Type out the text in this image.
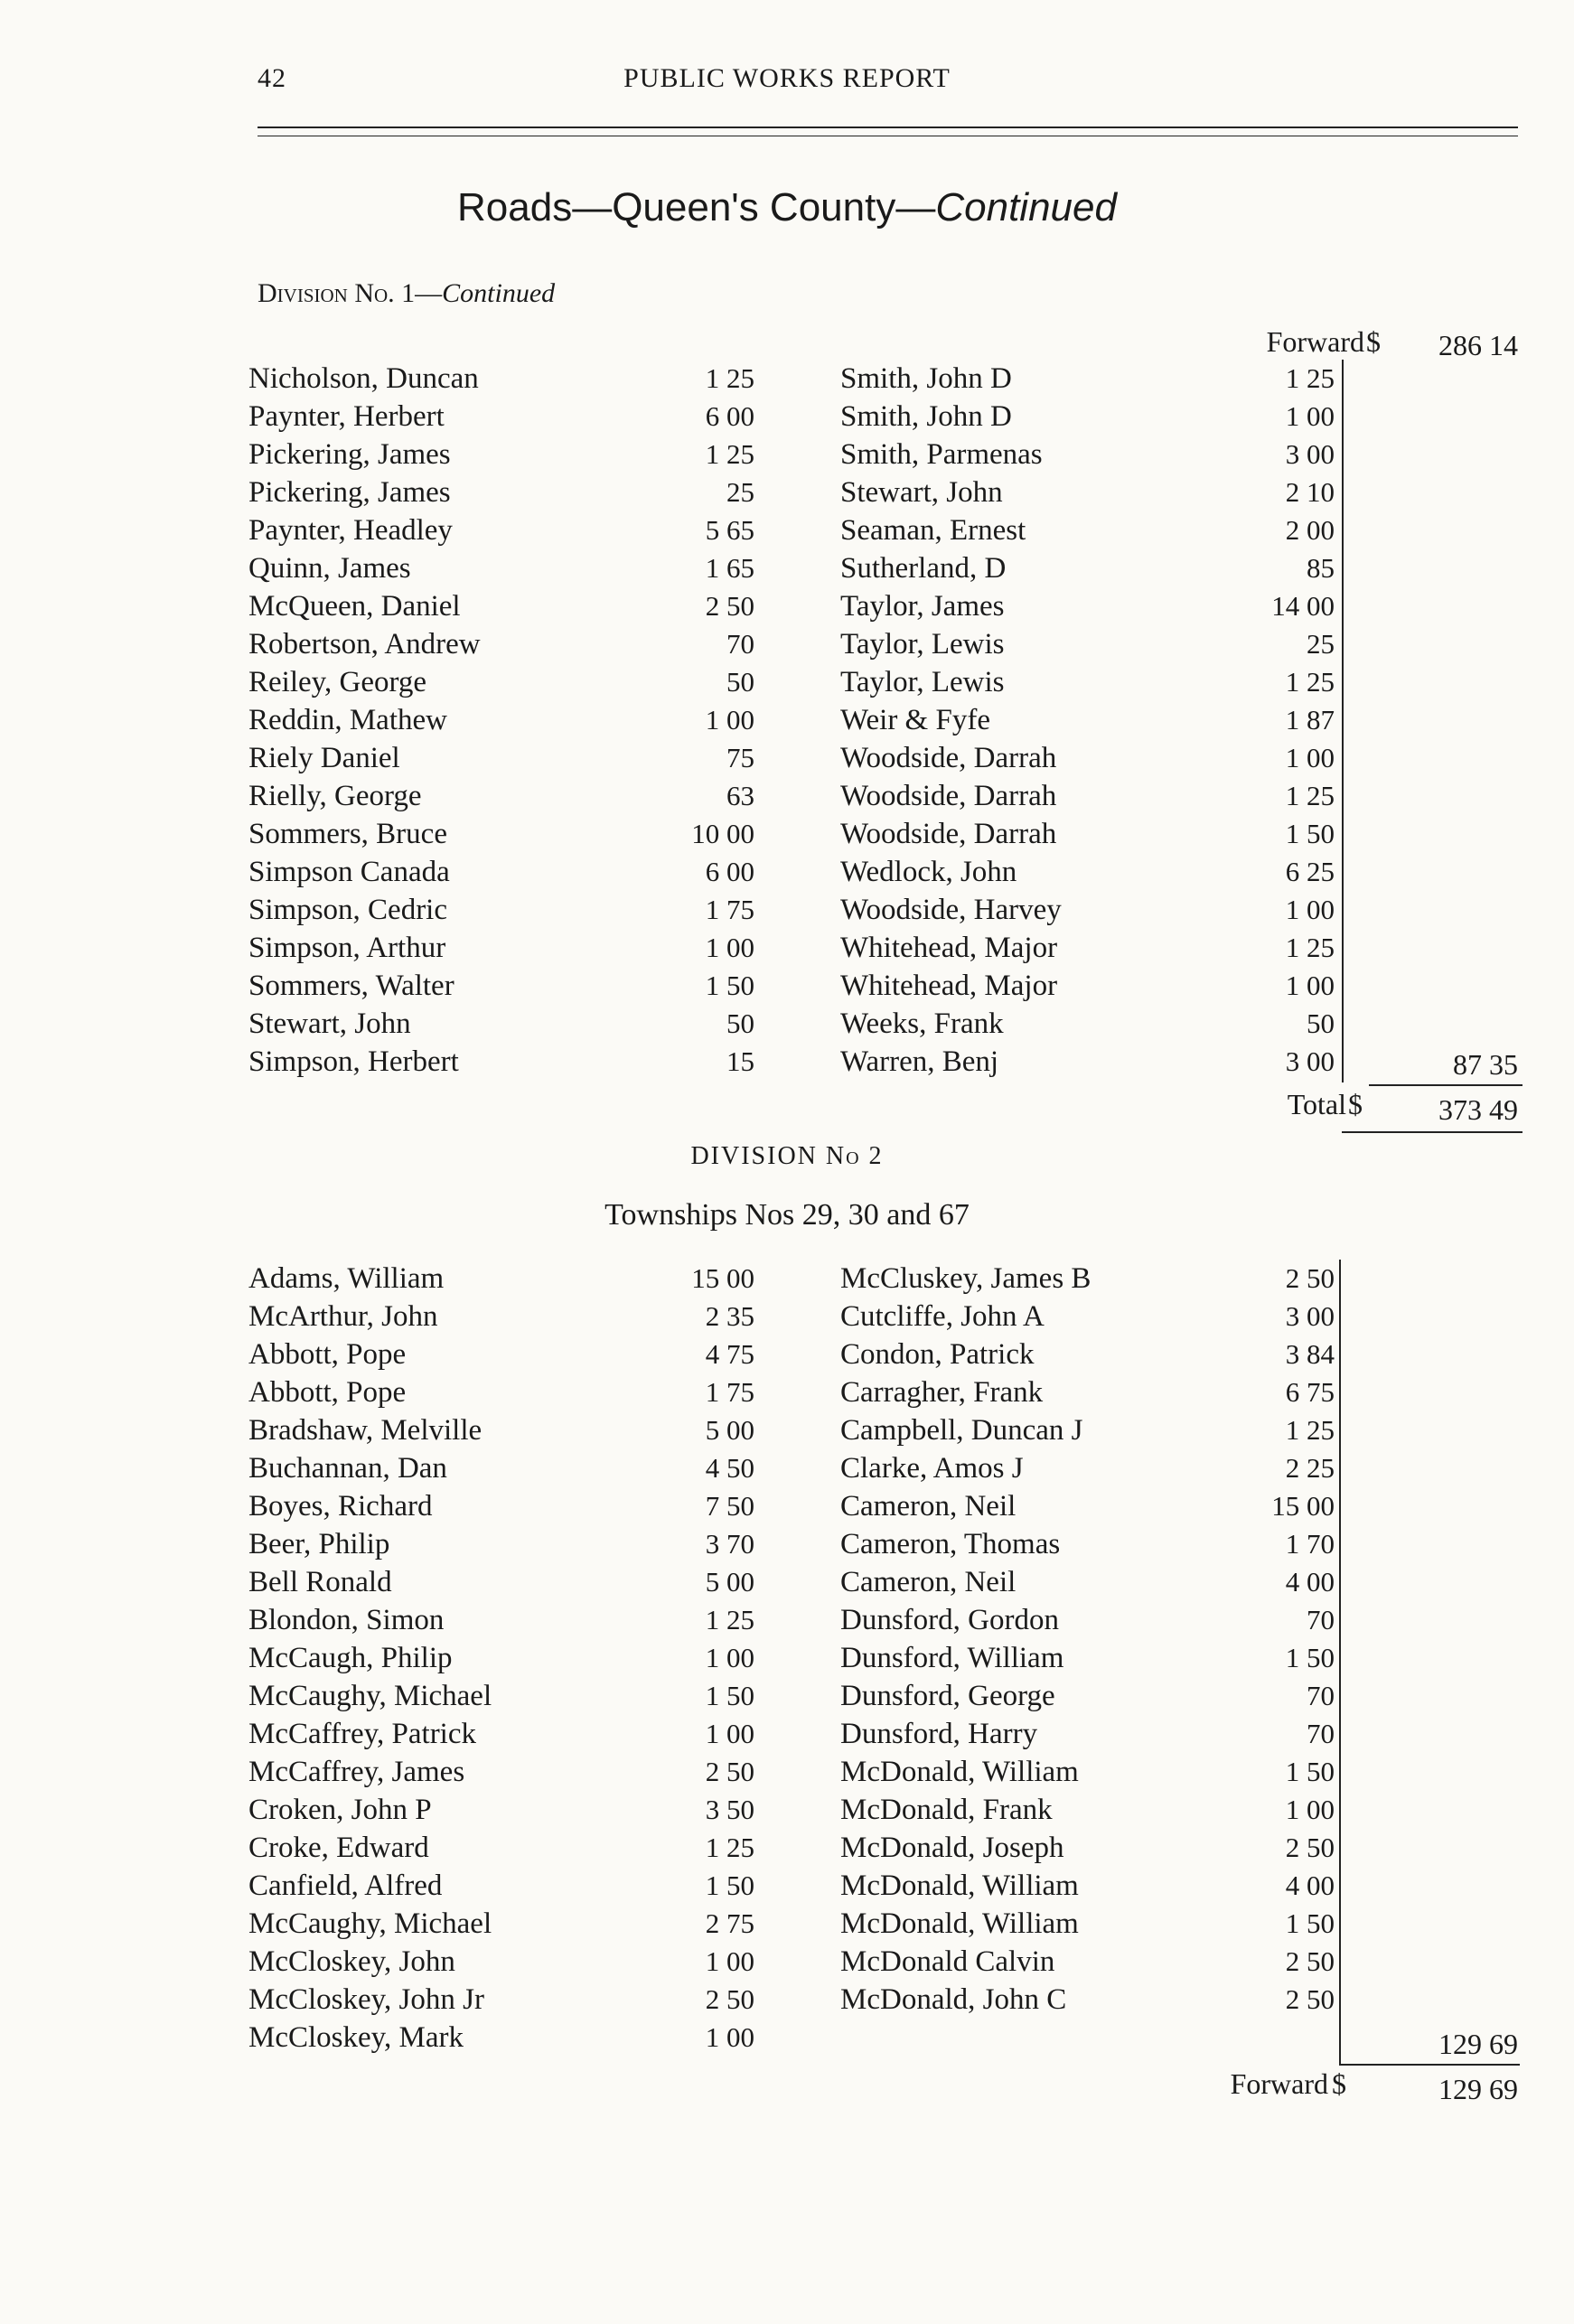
42	PUBLIC WORKS REPORT
Roads—Queen's County—Continued
Division No. 1—Continued
Forward $	286 14
Nicholson, Duncan	1 25
Paynter, Herbert	6 00
Pickering, James	1 25
Pickering, James	25
Paynter, Headley	5 65
Quinn, James	1 65
McQueen, Daniel	2 50
Robertson, Andrew	70
Reiley, George	50
Reddin, Mathew	1 00
Riely Daniel	75
Rielly, George	63
Sommers, Bruce	10 00
Simpson Canada	6 00
Simpson, Cedric	1 75
Simpson, Arthur	1 00
Sommers, Walter	1 50
Stewart, John	50
Simpson, Herbert	15
Smith, John D	1 25
Smith, John D	1 00
Smith, Parmenas	3 00
Stewart, John	2 10
Seaman, Ernest	2 00
Sutherland, D	85
Taylor, James	14 00
Taylor, Lewis	25
Taylor, Lewis	1 25
Weir & Fyfe	1 87
Woodside, Darrah	1 00
Woodside, Darrah	1 25
Woodside, Darrah	1 50
Wedlock, John	6 25
Woodside, Harvey	1 00
Whitehead, Major	1 25
Whitehead, Major	1 00
Weeks, Frank	50
Warren, Benj	3 00	87 35
Total $	373 49
DIVISION No 2
Townships Nos 29, 30 and 67
Adams, William	15 00
McArthur, John	2 35
Abbott, Pope	4 75
Abbott, Pope	1 75
Bradshaw, Melville	5 00
Buchannan, Dan	4 50
Boyes, Richard	7 50
Beer, Philip	3 70
Bell Ronald	5 00
Blondon, Simon	1 25
McCaugh, Philip	1 00
McCaughy, Michael	1 50
McCaffrey, Patrick	1 00
McCaffrey, James	2 50
Croken, John P	3 50
Croke, Edward	1 25
Canfield, Alfred	1 50
McCaughy, Michael	2 75
McCloskey, John	1 00
McCloskey, John Jr	2 50
McCloskey, Mark	1 00
McCluskey, James B	2 50
Cutcliffe, John A	3 00
Condon, Patrick	3 84
Carragher, Frank	6 75
Campbell, Duncan J	1 25
Clarke, Amos J	2 25
Cameron, Neil	15 00
Cameron, Thomas	1 70
Cameron, Neil	4 00
Dunsford, Gordon	70
Dunsford, William	1 50
Dunsford, George	70
Dunsford, Harry	70
McDonald, William	1 50
McDonald, Frank	1 00
McDonald, Joseph	2 50
McDonald, William	4 00
McDonald, William	1 50
McDonald Calvin	2 50
McDonald, John C	2 50
129 69
Forward $	129 69
